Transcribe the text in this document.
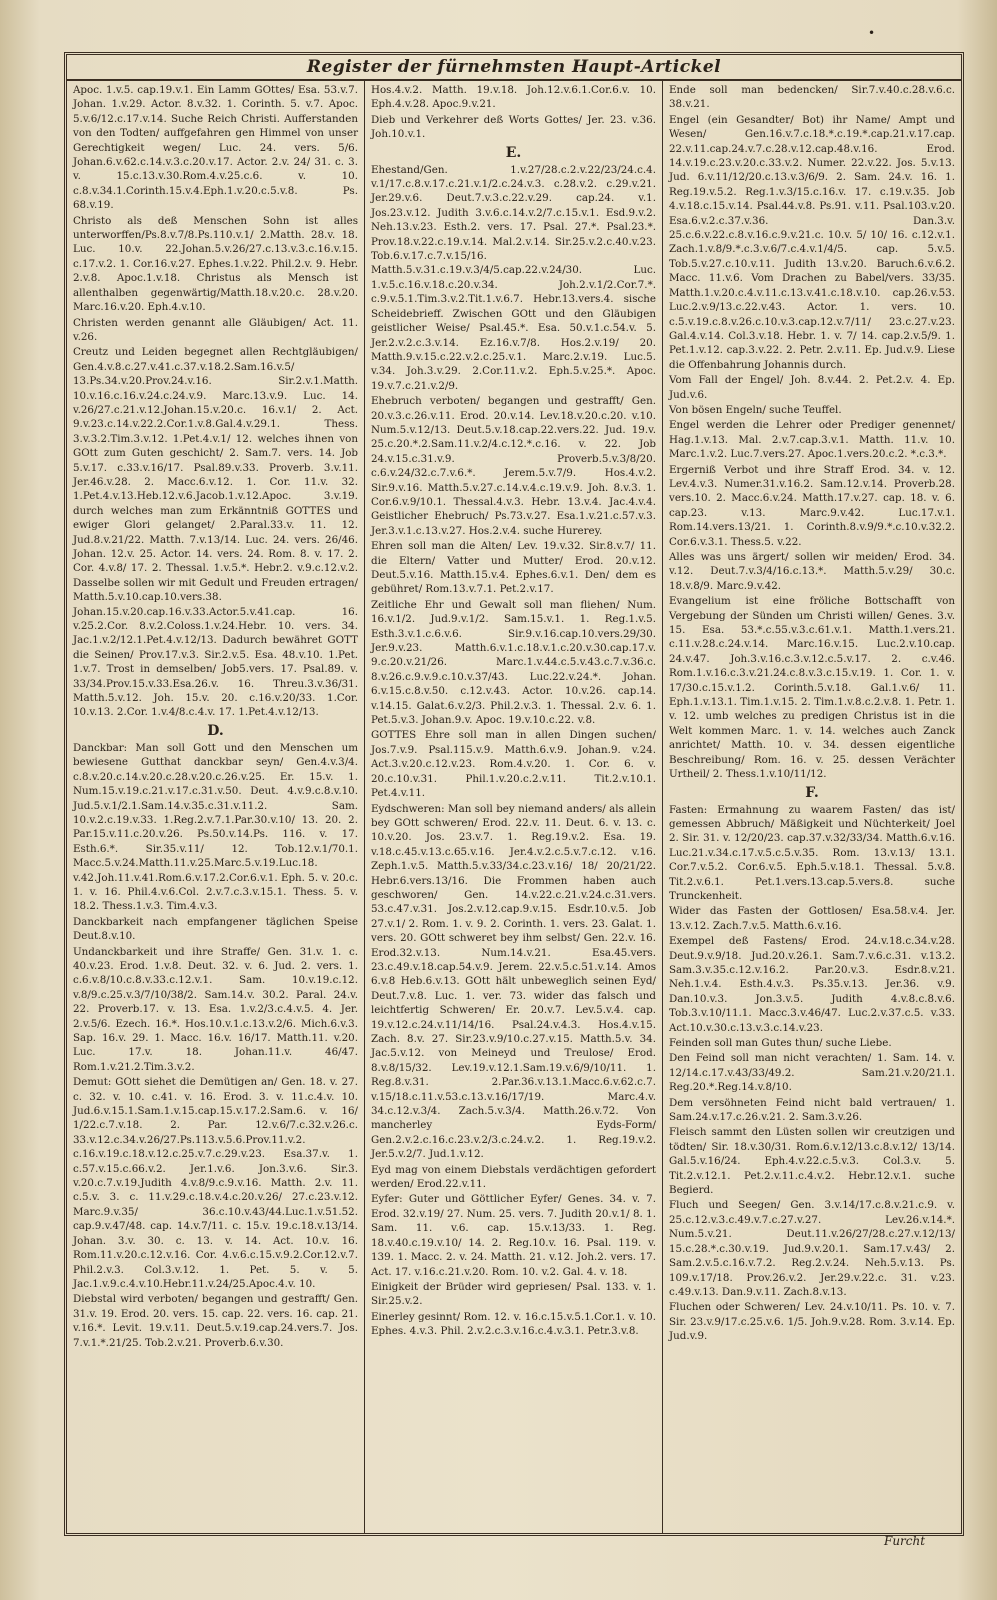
•
Register der fürnehmsten Haupt-Artickel
Apoc. 1.v.5. cap.19.v.1. Ein Lamm GOttes/ Esa. 53.v.7. Johan. 1.v.29. Actor. 8.v.32. 1. Corinth. 5. v.7. Apoc. 5.v.6/12.c.17.v.14. Suche Reich Christi. Aufferstanden von den Todten/ auffgefahren gen Himmel von unser Gerechtigkeit wegen/ Luc. 24. vers. 5/6. Johan.6.v.62.c.14.v.3.c.20.v.17. Actor. 2.v. 24/ 31. c. 3. v. 15.c.13.v.30.Rom.4.v.25.c.6. v. 10. c.8.v.34.1.Corinth.15.v.4.Eph.1.v.20.c.5.v.8. Ps. 68.v.19.
Christo als deß Menschen Sohn ist alles unterworffen/Ps.8.v.7/8.Ps.110.v.1/ 2.Matth. 28.v. 18. Luc. 10.v. 22.Johan.5.v.26/27.c.13.v.3.c.16.v.15. c.17.v.2. 1. Cor.16.v.27. Ephes.1.v.22. Phil.2.v. 9. Hebr. 2.v.8. Apoc.1.v.18. Christus als Mensch ist allenthalben gegenwärtig/Matth.18.v.20.c. 28.v.20. Marc.16.v.20. Eph.4.v.10.
Christen werden genannt alle Gläubigen/ Act. 11. v.26.
Creutz und Leiden begegnet allen Rechtgläubigen/ Gen.4.v.8.c.27.v.41.c.37.v.18.2.Sam.16.v.5/ 13.Ps.34.v.20.Prov.24.v.16. Sir.2.v.1.Matth. 10.v.16.c.16.v.24.c.24.v.9. Marc.13.v.9. Luc. 14. v.26/27.c.21.v.12.Johan.15.v.20.c. 16.v.1/ 2. Act. 9.v.23.c.14.v.22.2.Cor.1.v.8.Gal.4.v.29.1. Thess. 3.v.3.2.Tim.3.v.12. 1.Pet.4.v.1/ 12. welches ihnen von GOtt zum Guten geschicht/ 2. Sam.7. vers. 14. Job 5.v.17. c.33.v.16/17. Psal.89.v.33. Proverb. 3.v.11. Jer.46.v.28. 2. Macc.6.v.12. 1. Cor. 11.v. 32. 1.Pet.4.v.13.Heb.12.v.6.Jacob.1.v.12.Apoc. 3.v.19. durch welches man zum Erkänntniß GOTTES und ewiger Glori gelanget/ 2.Paral.33.v. 11. 12. Jud.8.v.21/22. Matth. 7.v.13/14. Luc. 24. vers. 26/46. Johan. 12.v. 25. Actor. 14. vers. 24. Rom. 8. v. 17. 2. Cor. 4.v.8/ 17. 2. Thessal. 1.v.5.*. Hebr.2. v.9.c.12.v.2. Dasselbe sollen wir mit Gedult und Freuden ertragen/ Matth.5.v.10.cap.10.vers.38. Johan.15.v.20.cap.16.v.33.Actor.5.v.41.cap. 16. v.25.2.Cor. 8.v.2.Coloss.1.v.24.Hebr. 10. vers. 34. Jac.1.v.2/12.1.Pet.4.v.12/13. Dadurch bewähret GOTT die Seinen/ Prov.17.v.3. Sir.2.v.5. Esa. 48.v.10. 1.Pet. 1.v.7. Trost in demselben/ Job5.vers. 17. Psal.89. v. 33/34.Prov.15.v.33.Esa.26.v. 16. Threu.3.v.36/31. Matth.5.v.12. Joh. 15.v. 20. c.16.v.20/33. 1.Cor. 10.v.13. 2.Cor. 1.v.4/8.c.4.v. 17. 1.Pet.4.v.12/13.
D.
Danckbar: Man soll Gott und den Menschen um bewiesene Gutthat danckbar seyn/ Gen.4.v.3/4. c.8.v.20.c.14.v.20.c.28.v.20.c.26.v.25. Er. 15.v. 1. Num.15.v.19.c.21.v.17.c.31.v.50. Deut. 4.v.9.c.8.v.10. Jud.5.v.1/2.1.Sam.14.v.35.c.31.v.11.2. Sam. 10.v.2.c.19.v.33. 1.Reg.2.v.7.1.Par.30.v.10/ 13. 20. 2. Par.15.v.11.c.20.v.26. Ps.50.v.14.Ps. 116. v. 17. Esth.6.*. Sir.35.v.11/ 12. Tob.12.v.1/70.1. Macc.5.v.24.Matth.11.v.25.Marc.5.v.19.Luc.18. v.42.Joh.11.v.41.Rom.6.v.17.2.Cor.6.v.1. Eph. 5. v. 20.c. 1. v. 16. Phil.4.v.6.Col. 2.v.7.c.3.v.15.1. Thess. 5. v. 18.2. Thess.1.v.3. Tim.4.v.3.
Danckbarkeit nach empfangener täglichen Speise Deut.8.v.10.
Undanckbarkeit und ihre Straffe/ Gen. 31.v. 1. c. 40.v.23. Erod. 1.v.8. Deut. 32. v. 6. Jud. 2. vers. 1. c.6.v.8/10.c.8.v.33.c.12.v.1. Sam. 10.v.19.c.12. v.8/9.c.25.v.3/7/10/38/2. Sam.14.v. 30.2. Paral. 24.v. 22. Proverb.17. v. 13. Esa. 1.v.2/3.c.4.v.5. 4. Jer. 2.v.5/6. Ezech. 16.*. Hos.10.v.1.c.13.v.2/6. Mich.6.v.3. Sap. 16.v. 29. 1. Macc. 16.v. 16/17. Matth.11. v.20. Luc. 17.v. 18. Johan.11.v. 46/47. Rom.1.v.21.2.Tim.3.v.2.
Demut: GOtt siehet die Demütigen an/ Gen. 18. v. 27. c. 32. v. 10. c.41. v. 16. Erod. 3. v. 11.c.4.v. 10. Jud.6.v.15.1.Sam.1.v.15.cap.15.v.17.2.Sam.6. v. 16/ 1/22.c.7.v.18. 2. Par. 12.v.6/7.c.32.v.26.c. 33.v.12.c.34.v.26/27.Ps.113.v.5.6.Prov.11.v.2. c.16.v.19.c.18.v.12.c.25.v.7.c.29.v.23. Esa.37.v. 1. c.57.v.15.c.66.v.2. Jer.1.v.6. Jon.3.v.6. Sir.3. v.20.c.7.v.19.Judith 4.v.8/9.c.9.v.16. Matth. 2.v. 11. c.5.v. 3. c. 11.v.29.c.18.v.4.c.20.v.26/ 27.c.23.v.12. Marc.9.v.35/ 36.c.10.v.43/44.Luc.1.v.51.52. cap.9.v.47/48. cap. 14.v.7/11. c. 15.v. 19.c.18.v.13/14. Johan. 3.v. 30. c. 13. v. 14. Act. 10.v. 16. Rom.11.v.20.c.12.v.16. Cor. 4.v.6.c.15.v.9.2.Cor.12.v.7. Phil.2.v.3. Col.3.v.12. 1. Pet. 5. v. 5. Jac.1.v.9.c.4.v.10.Hebr.11.v.24/25.Apoc.4.v. 10.
Diebstal wird verboten/ begangen und gestrafft/ Gen. 31.v. 19. Erod. 20. vers. 15. cap. 22. vers. 16. cap. 21. v.16.*. Levit. 19.v.11. Deut.5.v.19.cap.24.vers.7. Jos. 7.v.1.*.21/25. Tob.2.v.21. Proverb.6.v.30.
Hos.4.v.2. Matth. 19.v.18. Joh.12.v.6.1.Cor.6.v. 10. Eph.4.v.28. Apoc.9.v.21.
Dieb und Verkehrer deß Worts Gottes/ Jer. 23. v.36. Joh.10.v.1.
E.
Ehestand/Gen. 1.v.27/28.c.2.v.22/23/24.c.4. v.1/17.c.8.v.17.c.21.v.1/2.c.24.v.3. c.28.v.2. c.29.v.21. Jer.29.v.6. Deut.7.v.3.c.22.v.29. cap.24. v.1. Jos.23.v.12. Judith 3.v.6.c.14.v.2/7.c.15.v.1. Esd.9.v.2. Neh.13.v.23. Esth.2. vers. 17. Psal. 27.*. Psal.23.*. Prov.18.v.22.c.19.v.14. Mal.2.v.14. Sir.25.v.2.c.40.v.23. Tob.6.v.17.c.7.v.15/16. Matth.5.v.31.c.19.v.3/4/5.cap.22.v.24/30. Luc. 1.v.5.c.16.v.18.c.20.v.34. Joh.2.v.1/2.Cor.7.*. c.9.v.5.1.Tim.3.v.2.Tit.1.v.6.7. Hebr.13.vers.4. sische Scheidebrieff. Zwischen GOtt und den Gläubigen geistlicher Weise/ Psal.45.*. Esa. 50.v.1.c.54.v. 5. Jer.2.v.2.c.3.v.14. Ez.16.v.7/8. Hos.2.v.19/ 20. Matth.9.v.15.c.22.v.2.c.25.v.1. Marc.2.v.19. Luc.5. v.34. Joh.3.v.29. 2.Cor.11.v.2. Eph.5.v.25.*. Apoc. 19.v.7.c.21.v.2/9.
Ehebruch verboten/ begangen und gestrafft/ Gen. 20.v.3.c.26.v.11. Erod. 20.v.14. Lev.18.v.20.c.20. v.10. Num.5.v.12/13. Deut.5.v.18.cap.22.vers.22. Jud. 19.v. 25.c.20.*.2.Sam.11.v.2/4.c.12.*.c.16. v. 22. Job 24.v.15.c.31.v.9. Proverb.5.v.3/8/20. c.6.v.24/32.c.7.v.6.*. Jerem.5.v.7/9. Hos.4.v.2. Sir.9.v.16. Matth.5.v.27.c.14.v.4.c.19.v.9. Joh. 8.v.3. 1. Cor.6.v.9/10.1. Thessal.4.v.3. Hebr. 13.v.4. Jac.4.v.4. Geistlicher Ehebruch/ Ps.73.v.27. Esa.1.v.21.c.57.v.3. Jer.3.v.1.c.13.v.27. Hos.2.v.4. suche Hurerey.
Ehren soll man die Alten/ Lev. 19.v.32. Sir.8.v.7/ 11. die Eltern/ Vatter und Mutter/ Erod. 20.v.12. Deut.5.v.16. Matth.15.v.4. Ephes.6.v.1. Den/ dem es gebühret/ Rom.13.v.7.1. Pet.2.v.17.
Zeitliche Ehr und Gewalt soll man fliehen/ Num. 16.v.1/2. Jud.9.v.1/2. Sam.15.v.1. 1. Reg.1.v.5. Esth.3.v.1.c.6.v.6. Sir.9.v.16.cap.10.vers.29/30. Jer.9.v.23. Matth.6.v.1.c.18.v.1.c.20.v.30.cap.17.v. 9.c.20.v.21/26. Marc.1.v.44.c.5.v.43.c.7.v.36.c. 8.v.26.c.9.v.9.c.10.v.37/43. Luc.22.v.24.*. Johan. 6.v.15.c.8.v.50. c.12.v.43. Actor. 10.v.26. cap.14. v.14.15. Galat.6.v.2/3. Phil.2.v.3. 1. Thessal. 2.v. 6. 1. Pet.5.v.3. Johan.9.v. Apoc. 19.v.10.c.22. v.8.
GOTTES Ehre soll man in allen Dingen suchen/ Jos.7.v.9. Psal.115.v.9. Matth.6.v.9. Johan.9. v.24. Act.3.v.20.c.12.v.23. Rom.4.v.20. 1. Cor. 6. v. 20.c.10.v.31. Phil.1.v.20.c.2.v.11. Tit.2.v.10.1. Pet.4.v.11.
Eydschweren: Man soll bey niemand anders/ als allein bey GOtt schweren/ Erod. 22.v. 11. Deut. 6. v. 13. c. 10.v.20. Jos. 23.v.7. 1. Reg.19.v.2. Esa. 19. v.18.c.45.v.13.c.65.v.16. Jer.4.v.2.c.5.v.7.c.12. v.16. Zeph.1.v.5. Matth.5.v.33/34.c.23.v.16/ 18/ 20/21/22. Hebr.6.vers.13/16. Die Frommen haben auch geschworen/ Gen. 14.v.22.c.21.v.24.c.31.vers. 53.c.47.v.31. Jos.2.v.12.cap.9.v.15. Esdr.10.v.5. Job 27.v.1/ 2. Rom. 1. v. 9. 2. Corinth. 1. vers. 23. Galat. 1. vers. 20. GOtt schweret bey ihm selbst/ Gen. 22.v. 16. Erod.32.v.13. Num.14.v.21. Esa.45.vers. 23.c.49.v.18.cap.54.v.9. Jerem. 22.v.5.c.51.v.14. Amos 6.v.8 Heb.6.v.13. GOtt hält unbeweglich seinen Eyd/ Deut.7.v.8. Luc. 1. ver. 73. wider das falsch und leichtfertig Schweren/ Er. 20.v.7. Lev.5.v.4. cap. 19.v.12.c.24.v.11/14/16. Psal.24.v.4.3. Hos.4.v.15. Zach. 8.v. 27. Sir.23.v.9/10.c.27.v.15. Matth.5.v. 34. Jac.5.v.12. von Meineyd und Treulose/ Erod. 8.v.8/15/32. Lev.19.v.12.1.Sam.19.v.6/9/10/11. 1. Reg.8.v.31. 2.Par.36.v.13.1.Macc.6.v.62.c.7. v.15/18.c.11.v.53.c.13.v.16/17/19. Marc.4.v. 34.c.12.v.3/4. Zach.5.v.3/4. Matth.26.v.72. Von mancherley Eyds-Form/ Gen.2.v.2.c.16.c.23.v.2/3.c.24.v.2. 1. Reg.19.v.2. Jer.5.v.2/7. Jud.1.v.12.
Eyd mag von einem Diebstals verdächtigen gefordert werden/ Erod.22.v.11.
Eyfer: Guter und Göttlicher Eyfer/ Genes. 34. v. 7. Erod. 32.v.19/ 27. Num. 25. vers. 7. Judith 20.v.1/ 8. 1. Sam. 11. v.6. cap. 15.v.13/33. 1. Reg. 18.v.40.c.19.v.10/ 14. 2. Reg.10.v. 16. Psal. 119. v. 139. 1. Macc. 2. v. 24. Matth. 21. v.12. Joh.2. vers. 17. Act. 17. v.16.c.21.v.20. Rom. 10. v.2. Gal. 4. v. 18.
Einigkeit der Brüder wird gepriesen/ Psal. 133. v. 1. Sir.25.v.2.
Einerley gesinnt/ Rom. 12. v. 16.c.15.v.5.1.Cor.1. v. 10. Ephes. 4.v.3. Phil. 2.v.2.c.3.v.16.c.4.v.3.1. Petr.3.v.8.
Ende soll man bedencken/ Sir.7.v.40.c.28.v.6.c. 38.v.21.
Engel (ein Gesandter/ Bot) ihr Name/ Ampt und Wesen/ Gen.16.v.7.c.18.*.c.19.*.cap.21.v.17.cap. 22.v.11.cap.24.v.7.c.28.v.12.cap.48.v.16. Erod. 14.v.19.c.23.v.20.c.33.v.2. Numer. 22.v.22. Jos. 5.v.13. Jud. 6.v.11/12/20.c.13.v.3/6/9. 2. Sam. 24.v. 16. 1. Reg.19.v.5.2. Reg.1.v.3/15.c.16.v. 17. c.19.v.35. Job 4.v.18.c.15.v.14. Psal.44.v.8. Ps.91. v.11. Psal.103.v.20. Esa.6.v.2.c.37.v.36. Dan.3.v. 25.c.6.v.22.c.8.v.16.c.9.v.21.c. 10.v. 5/ 10/ 16. c.12.v.1. Zach.1.v.8/9.*.c.3.v.6/7.c.4.v.1/4/5. cap. 5.v.5. Tob.5.v.27.c.10.v.11. Judith 13.v.20. Baruch.6.v.6.2. Macc. 11.v.6. Vom Drachen zu Babel/vers. 33/35. Matth.1.v.20.c.4.v.11.c.13.v.41.c.18.v.10. cap.26.v.53. Luc.2.v.9/13.c.22.v.43. Actor. 1. vers. 10. c.5.v.19.c.8.v.26.c.10.v.3.cap.12.v.7/11/ 23.c.27.v.23. Gal.4.v.14. Col.3.v.18. Hebr. 1. v. 7/ 14. cap.2.v.5/9. 1. Pet.1.v.12. cap.3.v.22. 2. Petr. 2.v.11. Ep. Jud.v.9. Liese die Offenbahrung Johannis durch.
Vom Fall der Engel/ Joh. 8.v.44. 2. Pet.2.v. 4. Ep. Jud.v.6.
Von bösen Engeln/ suche Teuffel.
Engel werden die Lehrer oder Prediger genennet/ Hag.1.v.13. Mal. 2.v.7.cap.3.v.1. Matth. 11.v. 10. Marc.1.v.2. Luc.7.vers.27. Apoc.1.vers.20.c.2. *.c.3.*.
Ergerniß Verbot und ihre Straff Erod. 34. v. 12. Lev.4.v.3. Numer.31.v.16.2. Sam.12.v.14. Proverb.28. vers.10. 2. Macc.6.v.24. Matth.17.v.27. cap. 18. v. 6. cap.23. v.13. Marc.9.v.42. Luc.17.v.1. Rom.14.vers.13/21. 1. Corinth.8.v.9/9.*.c.10.v.32.2. Cor.6.v.3.1. Thess.5. v.22.
Alles was uns ärgert/ sollen wir meiden/ Erod. 34. v.12. Deut.7.v.3/4/16.c.13.*. Matth.5.v.29/ 30.c. 18.v.8/9. Marc.9.v.42.
Evangelium ist eine fröliche Bottschafft von Vergebung der Sünden um Christi willen/ Genes. 3.v. 15. Esa. 53.*.c.55.v.3.c.61.v.1. Matth.1.vers.21. c.11.v.28.c.24.v.14. Marc.16.v.15. Luc.2.v.10.cap. 24.v.47. Joh.3.v.16.c.3.v.12.c.5.v.17. 2. c.v.46. Rom.1.v.16.c.3.v.21.24.c.8.v.3.c.15.v.19. 1. Cor. 1. v. 17/30.c.15.v.1.2. Corinth.5.v.18. Gal.1.v.6/ 11. Eph.1.v.13.1. Tim.1.v.15. 2. Tim.1.v.8.c.2.v.8. 1. Petr. 1. v. 12. umb welches zu predigen Christus ist in die Welt kommen Marc. 1. v. 14. welches auch Zanck anrichtet/ Matth. 10. v. 34. dessen eigentliche Beschreibung/ Rom. 16. v. 25. dessen Verächter Urtheil/ 2. Thess.1.v.10/11/12.
F.
Fasten: Ermahnung zu waarem Fasten/ das ist/ gemessen Abbruch/ Mäßigkeit und Nüchterkeit/ Joel 2. Sir. 31. v. 12/20/23. cap.37.v.32/33/34. Matth.6.v.16. Luc.21.v.34.c.17.v.5.c.5.v.35. Rom. 13.v.13/ 13.1. Cor.7.v.5.2. Cor.6.v.5. Eph.5.v.18.1. Thessal. 5.v.8. Tit.2.v.6.1. Pet.1.vers.13.cap.5.vers.8. suche Trunckenheit.
Wider das Fasten der Gottlosen/ Esa.58.v.4. Jer. 13.v.12. Zach.7.v.5. Matth.6.v.16.
Exempel deß Fastens/ Erod. 24.v.18.c.34.v.28. Deut.9.v.9/18. Jud.20.v.26.1. Sam.7.v.6.c.31. v.13.2. Sam.3.v.35.c.12.v.16.2. Par.20.v.3. Esdr.8.v.21. Neh.1.v.4. Esth.4.v.3. Ps.35.v.13. Jer.36. v.9. Dan.10.v.3. Jon.3.v.5. Judith 4.v.8.c.8.v.6. Tob.3.v.10/11.1. Macc.3.v.46/47. Luc.2.v.37.c.5. v.33. Act.10.v.30.c.13.v.3.c.14.v.23.
Feinden soll man Gutes thun/ suche Liebe.
Den Feind soll man nicht verachten/ 1. Sam. 14. v. 12/14.c.17.v.43/33/49.2. Sam.21.v.20/21.1. Reg.20.*.Reg.14.v.8/10.
Dem versöhneten Feind nicht bald vertrauen/ 1. Sam.24.v.17.c.26.v.21. 2. Sam.3.v.26.
Fleisch sammt den Lüsten sollen wir creutzigen und tödten/ Sir. 18.v.30/31. Rom.6.v.12/13.c.8.v.12/ 13/14. Gal.5.v.16/24. Eph.4.v.22.c.5.v.3. Col.3.v. 5. Tit.2.v.12.1. Pet.2.v.11.c.4.v.2. Hebr.12.v.1. suche Begierd.
Fluch und Seegen/ Gen. 3.v.14/17.c.8.v.21.c.9. v. 25.c.12.v.3.c.49.v.7.c.27.v.27. Lev.26.v.14.*. Num.5.v.21. Deut.11.v.26/27/28.c.27.v.12/13/ 15.c.28.*.c.30.v.19. Jud.9.v.20.1. Sam.17.v.43/ 2. Sam.2.v.5.c.16.v.7.2. Reg.2.v.24. Neh.5.v.13. Ps. 109.v.17/18. Prov.26.v.2. Jer.29.v.22.c. 31. v.23. c.49.v.13. Dan.9.v.11. Zach.8.v.13.
Fluchen oder Schweren/ Lev. 24.v.10/11. Ps. 10. v. 7. Sir. 23.v.9/17.c.25.v.6. 1/5. Joh.9.v.28. Rom. 3.v.14. Ep. Jud.v.9.
Furcht
